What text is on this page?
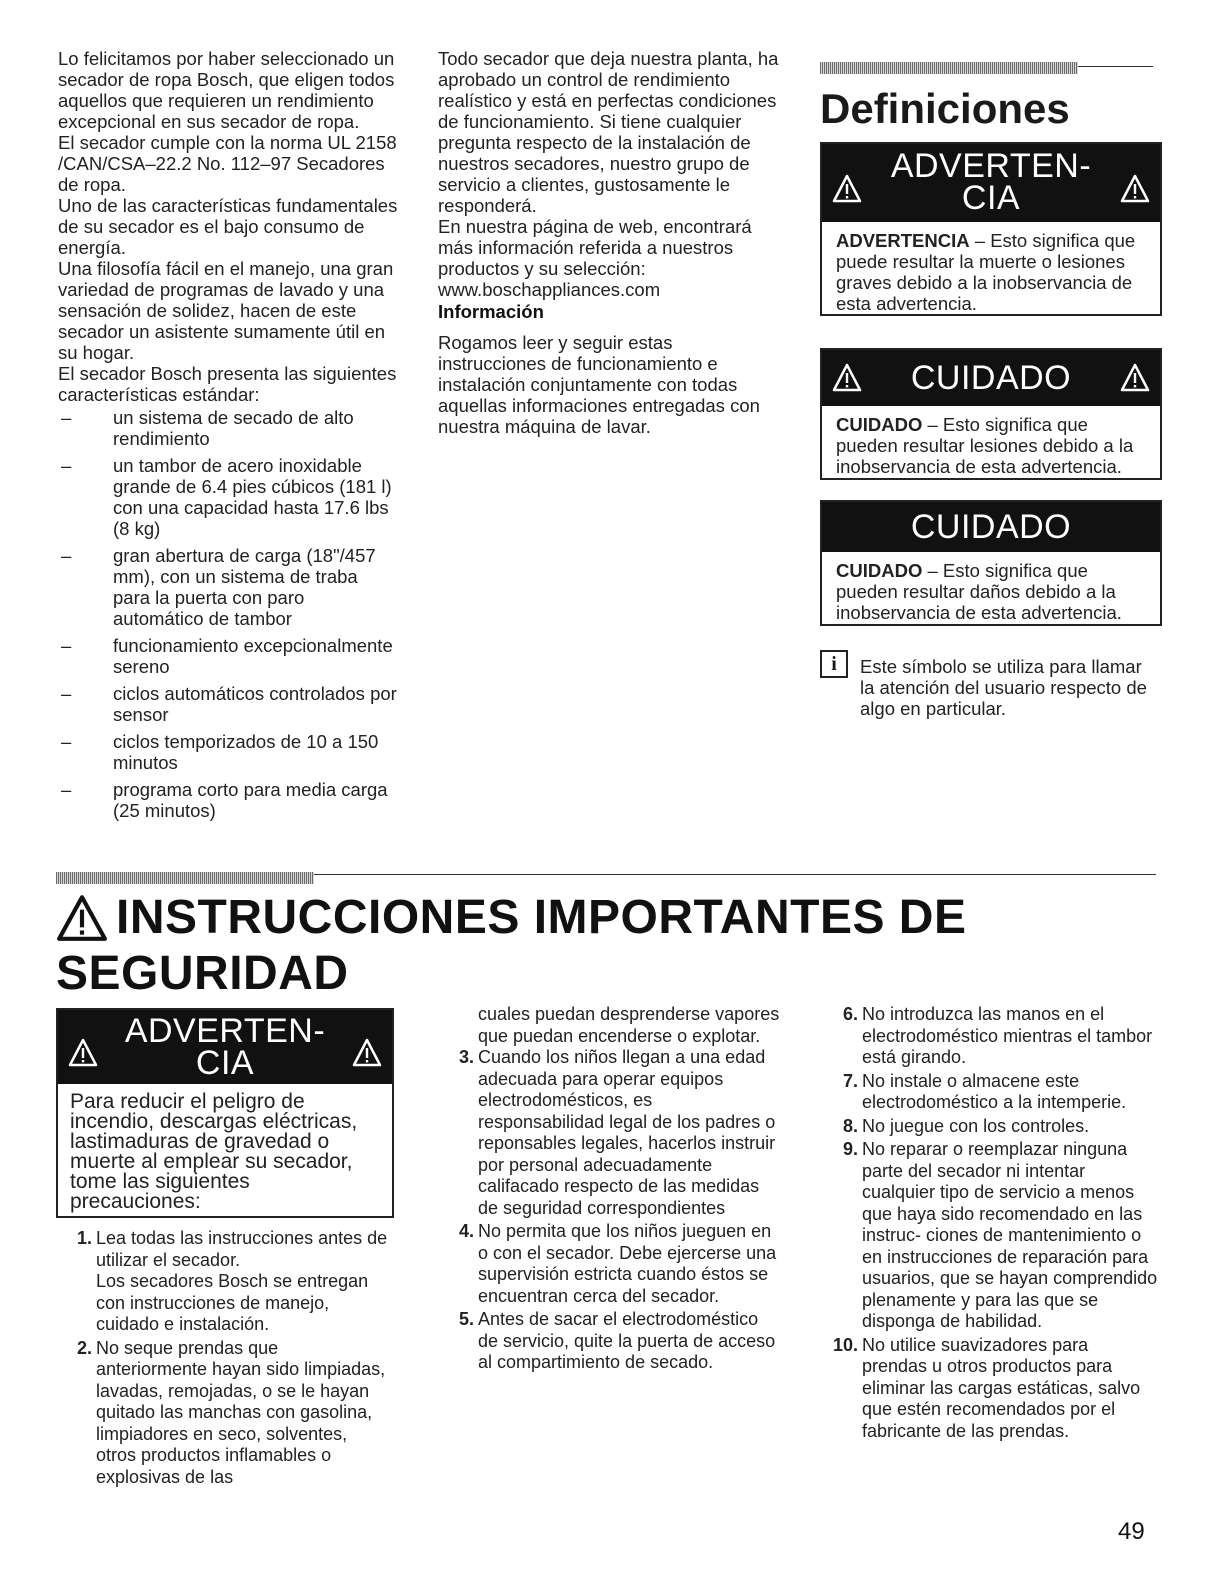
Lo felicitamos por haber seleccionado un secador de ropa Bosch, que eligen todos aquellos que requieren un rendimiento excepcional en sus secador de ropa.

El secador cumple con la norma UL 2158 /CAN/CSA–22.2 No. 112–97 Secadores de ropa.

Uno de las características fundamentales de su secador es el bajo consumo de energía.

Una filosofía fácil en el manejo, una gran variedad de programas de lavado y una sensación de solidez, hacen de este secador un asistente sumamente útil en su hogar.

El secador Bosch presenta las siguientes características estándar:

– un sistema de secado de alto rendimiento
– un tambor de acero inoxidable grande de 6.4 pies cúbicos (181 l) con una capacidad hasta 17.6 lbs (8 kg)
– gran abertura de carga (18"/457 mm), con un sistema de traba para la puerta con paro automático de tambor
– funcionamiento excepcionalmente sereno
– ciclos automáticos controlados por sensor
– ciclos temporizados de 10 a 150 minutos
– programa corto para media carga (25 minutos)

Todo secador que deja nuestra planta, ha aprobado un control de rendimiento realístico y está en perfectas condiciones de funcionamiento. Si tiene cualquier pregunta respecto de la instalación de nuestros secadores, nuestro grupo de servicio a clientes, gustosamente le responderá.

En nuestra página de web, encontrará más información referida a nuestros productos y su selección: www.boschappliances.com

Información

Rogamos leer y seguir estas instrucciones de funcionamiento e instalación conjuntamente con todas aquellas informaciones entregadas con nuestra máquina de lavar.

Definiciones
ADVERTEN-
CIA
ADVERTENCIA – Esto significa que puede resultar la muerte o lesiones graves debido a la inobservancia de esta advertencia.
CUIDADO
CUIDADO – Esto significa que pueden resultar lesiones debido a la inobservancia de esta advertencia.
CUIDADO
CUIDADO – Esto significa que pueden resultar daños debido a la inobservancia de esta advertencia.
i	Este símbolo se utiliza para llamar la atención del usuario respecto de algo en particular.
INSTRUCCIONES IMPORTANTES DE
SEGURIDAD
ADVERTEN-
CIA
Para reducir el peligro de incendio, descargas eléctricas, lastimaduras de gravedad o muerte al emplear su secador, tome las siguientes precauciones:
1. Lea todas las instrucciones antes de utilizar el secador.
Los secadores Bosch se entregan con instrucciones de manejo, cuidado e instalación.
2. No seque prendas que anteriormente hayan sido limpiadas, lavadas, remojadas, o se le hayan quitado las manchas con gasolina, limpiadores en seco, solventes, otros productos inflamables o explosivas de las

cuales puedan desprenderse vapores que puedan encenderse o explotar.

3. Cuando los niños llegan a una edad adecuada para operar equipos electrodomésticos, es responsabilidad legal de los padres o reponsables legales, hacerlos instruir por personal adecuadamente califacado respecto de las medidas de seguridad correspondientes
4. No permita que los niños jueguen en o con el secador. Debe ejercerse una supervisión estricta cuando éstos se encuentran cerca del secador.
5. Antes de sacar el electrodoméstico de servicio, quite la puerta de acceso al compartimiento de secado.
6. No introduzca las manos en el electrodoméstico mientras el tambor está girando.
7. No instale o almacene este electrodoméstico a la intemperie.
8. No juegue con los controles.
9. No reparar o reemplazar ninguna parte del secador ni intentar cualquier tipo de servicio a menos que haya sido recomendado en las instruc- ciones de mantenimiento o en instrucciones de reparación para usuarios, que se hayan comprendido plenamente y para las que se disponga de habilidad.
10. No utilice suavizadores para prendas u otros productos para eliminar las cargas estáticas, salvo que estén recomendados por el fabricante de las prendas.
49
